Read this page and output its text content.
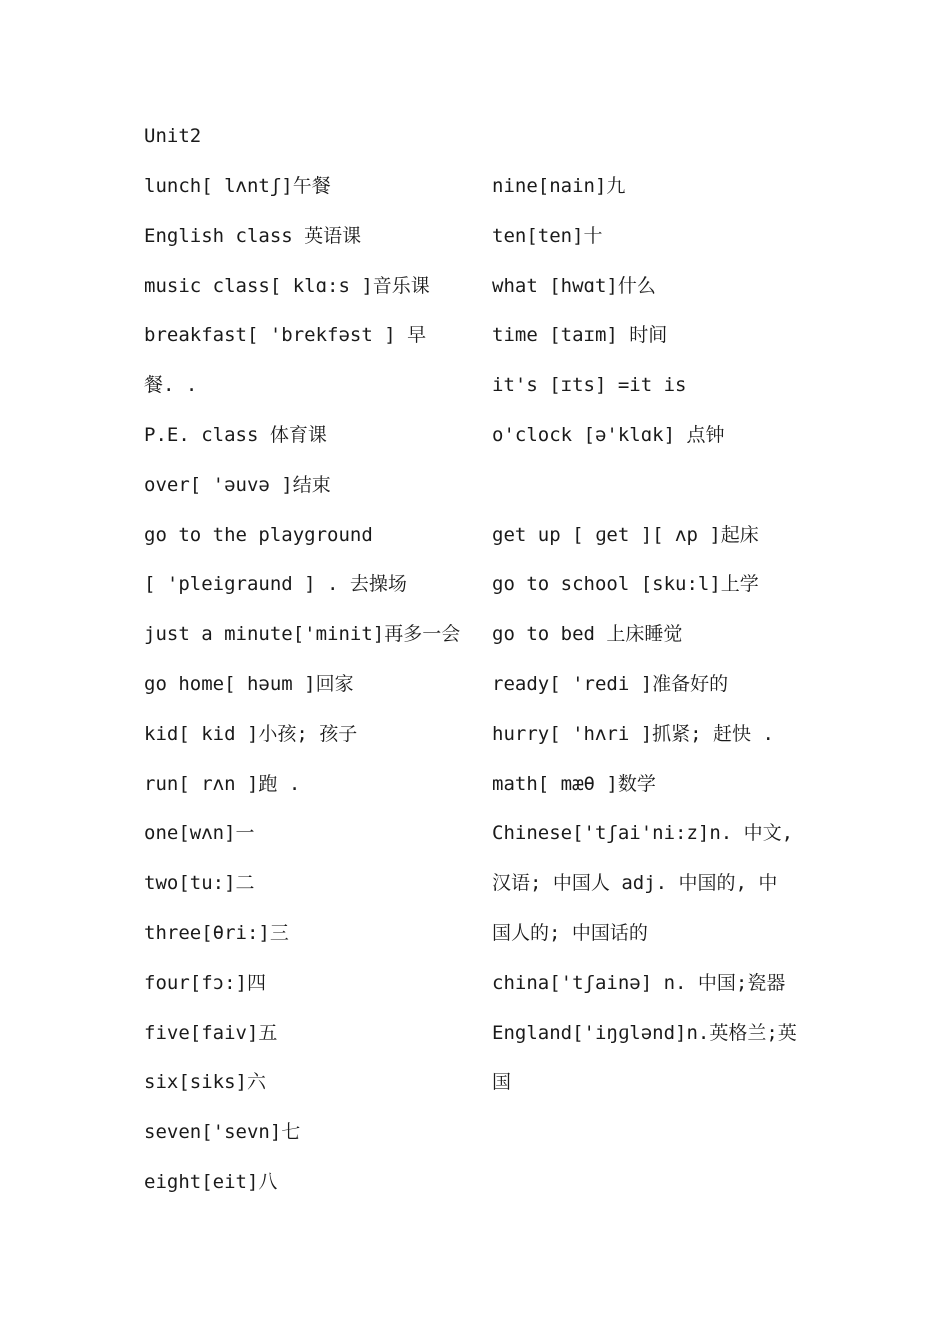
Unit2
lunch[ lʌntʃ]午餐
English class 英语课
music class[ klɑ:s ]音乐课
breakfast[ 'brekfəst ] 早
餐. .
P.E. class 体育课
over[ 'əuvə ]结束
go to the playground
[ 'pleigraund ] . 去操场
just a minute['minit]再多一会
go home[ həum ]回家
kid[ kid ]小孩; 孩子
run[ rʌn ]跑 .
one[wʌn]一
two[tu:]二
three[θri:]三
four[fɔ:]四
five[faiv]五
six[siks]六
seven['sevn]七
eight[eit]八
nine[nain]九
ten[ten]十
what [hwɑt]什么
time [taɪm] 时间
it's [ɪts] =it is
o'clock [ə'klɑk] 点钟
get up [ ɡet ][ ʌp ]起床
go to school [sku:l]上学
go to bed 上床睡觉
ready[ 'redi ]准备好的
hurry[ 'hʌri ]抓紧; 赶快 .
math[ mæθ ]数学
Chinese['tʃai'ni:z]n. 中文,
汉语; 中国人 adj. 中国的, 中
国人的; 中国话的
china['tʃainə] n. 中国;瓷器
England['iŋɡlənd]n.英格兰;英
国
